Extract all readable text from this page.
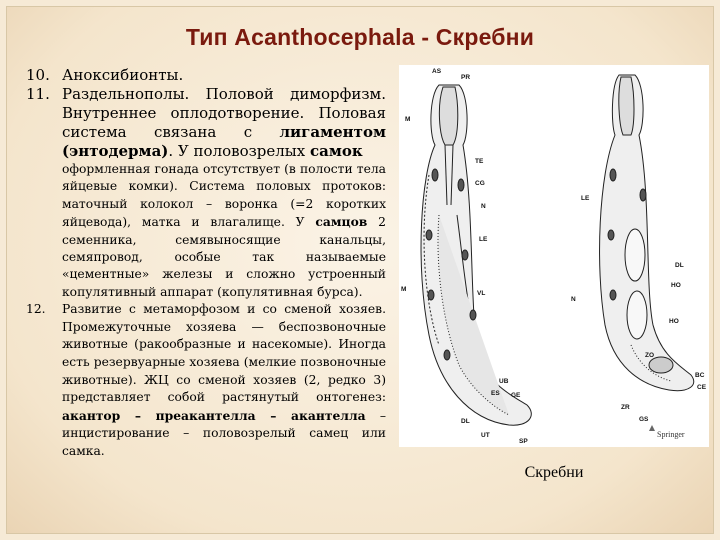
Тип Acanthocephala - Скребни
10. Аноксибионты.
11. Раздельнополы. Половой диморфизм. Внутреннее оплодотворение. Половая система связана с лигаментом (энтодерма). У половозрелых самок
оформленная гонада отсутствует (в полости тела яйцевые комки). Система половых протоков: маточный колокол – воронка (=2 коротких яйцевода), матка и влагалище. У самцов 2 семенника, семявыносящие канальцы, семяпровод, особые так называемые «цементные» железы и сложно устроенный копулятивный аппарат (копулятивная бурса).
12. Развитие с метаморфозом и со сменой хозяев. Промежуточные хозяева — беспозвоночные животные (ракообразные и насекомые). Иногда есть резервуарные хозяева (мелкие позвоночные животные). ЖЦ со сменой хозяев (2, редко 3) представляет собой растянутый онтогенез: акантор – преакантелла – акантелла – инцистирование – половозрелый самец или самка.
AS
PR
M
TE
CG
N
LE
M
VL
UB
ES GE
DL
UT
SP
LE
DL
HO
N
HO
ZO
ZR
GS
BC
CE
Springer
Скребни
